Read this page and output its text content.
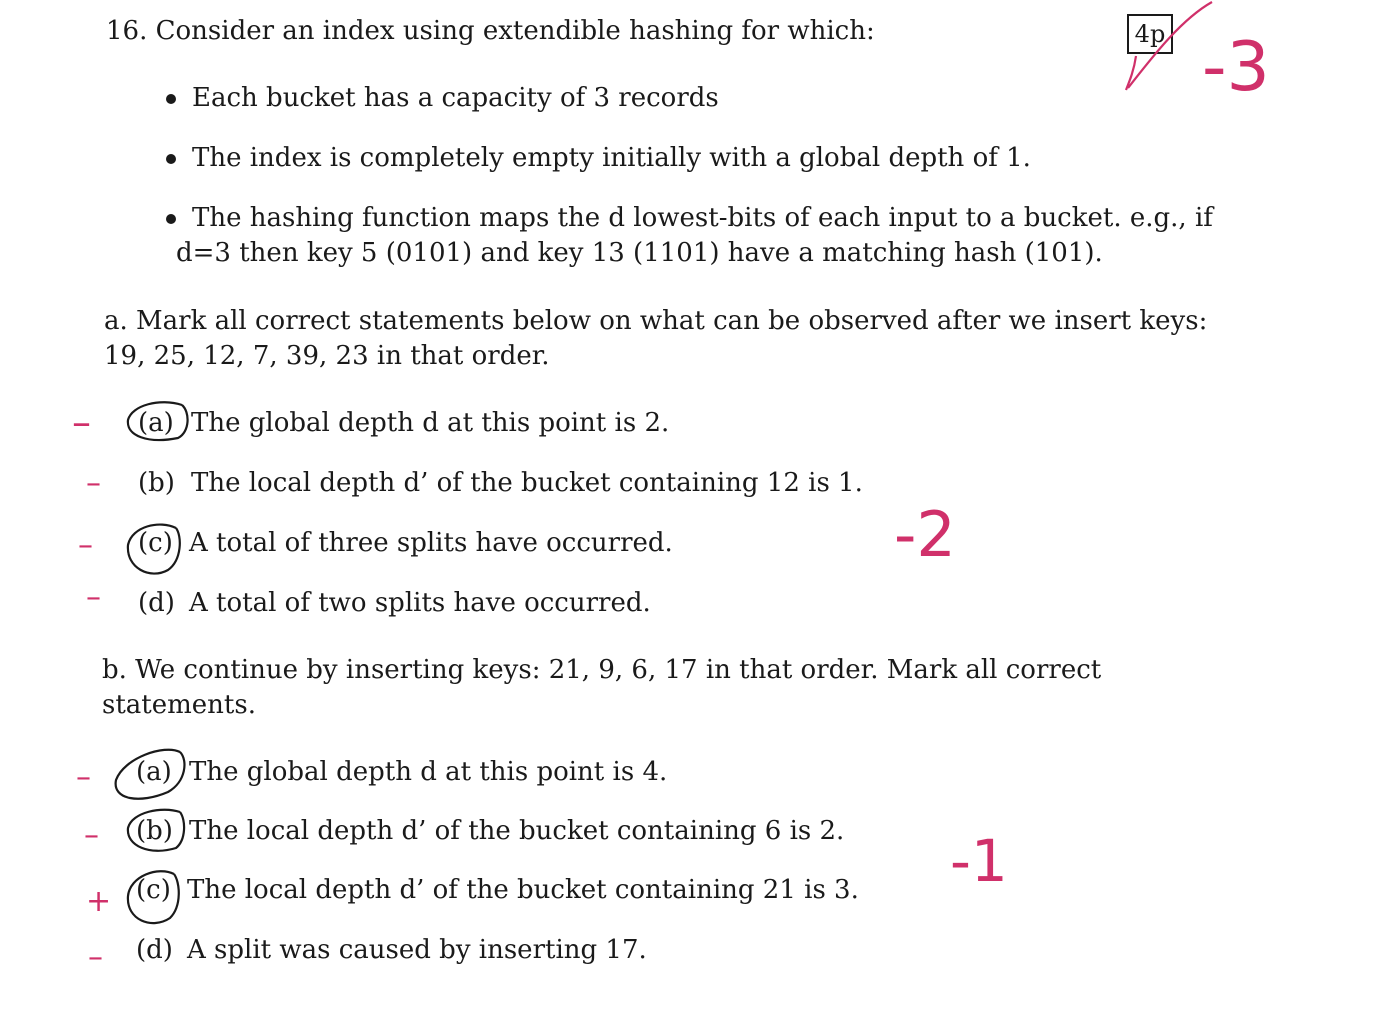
16. Consider an index using extendible hashing for which:	4p
Each bucket has a capacity of 3 records
The index is completely empty initially with a global depth of 1.
The hashing function maps the d lowest-bits of each input to a bucket. e.g., if
d=3 then key 5 (0101) and key 13 (1101) have a matching hash (101).
a. Mark all correct statements below on what can be observed after we insert keys:
19, 25, 12, 7, 39, 23 in that order.
(a) The global depth d at this point is 2.
(b) The local depth d’ of the bucket containing 12 is 1.
(c) A total of three splits have occurred.
(d) A total of two splits have occurred.
b. We continue by inserting keys: 21, 9, 6, 17 in that order. Mark all correct
statements.
(a) The global depth d at this point is 4.
(b) The local depth d’ of the bucket containing 6 is 2.
(c) The local depth d’ of the bucket containing 21 is 3.
(d) A split was caused by inserting 17.
–
–
–
–
–
–
+
–
-2
-1
-3
